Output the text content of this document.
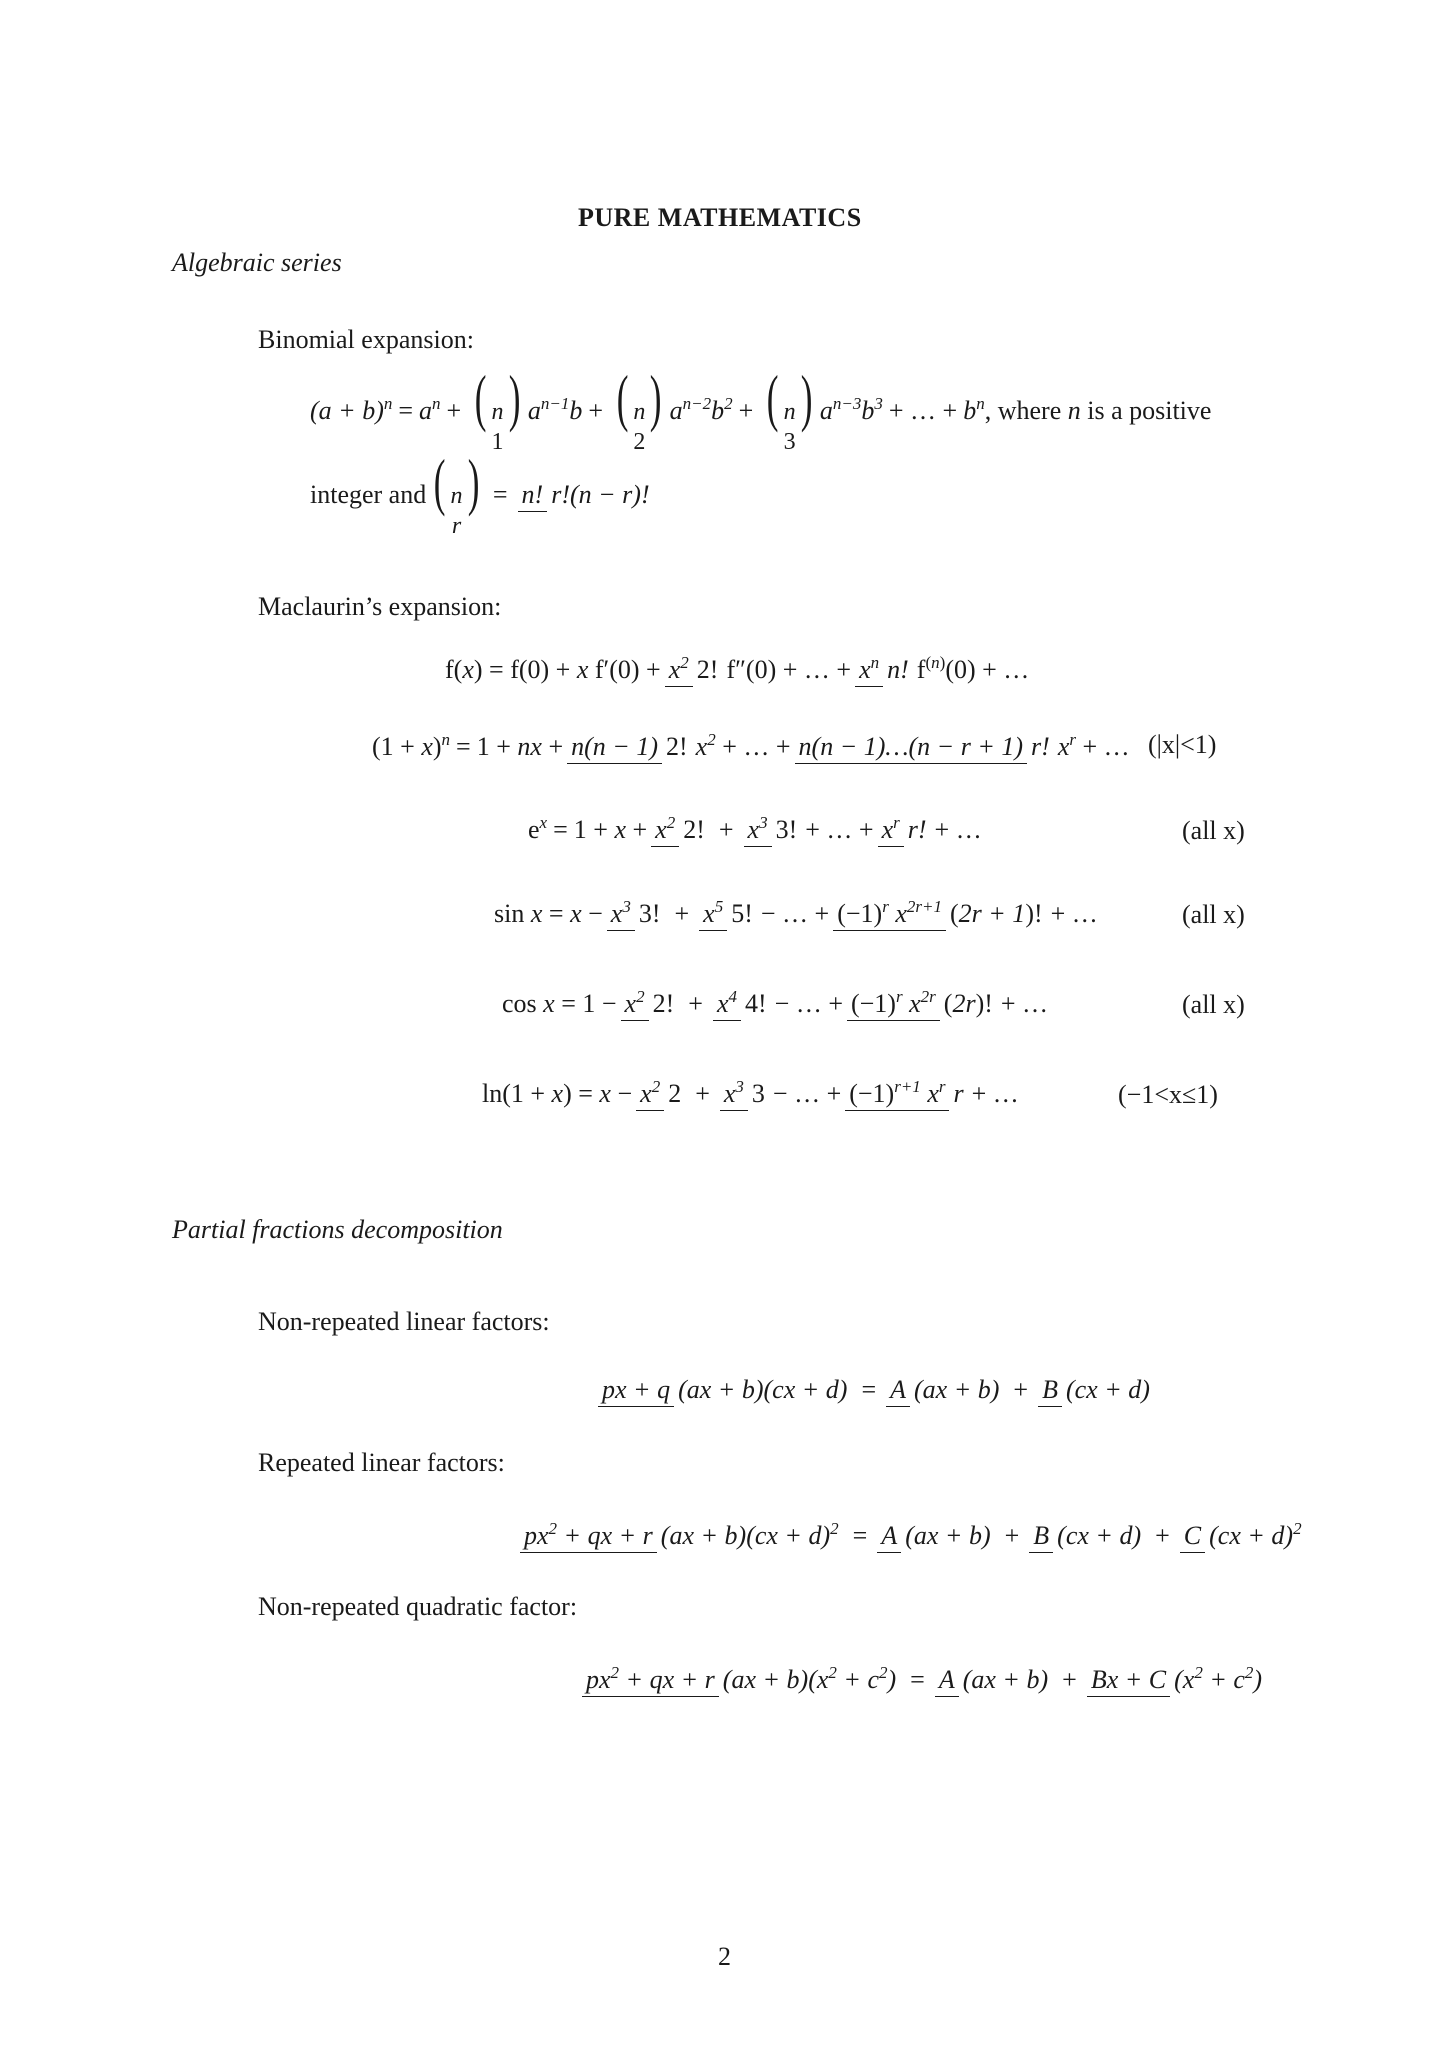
PURE MATHEMATICS
Algebraic series
Binomial expansion:
$(a + b)^n = a^n$ + ( n
1
) $a^{n-1}b$ + ( n
2
) $a^{n-2}b^2$ + ( n
3
) $a^{n-3}b^3$ + … + $b^n$ , where n is a positive
integer and ( n
r
) = n! r!(n − r)!
Maclaurin’s expansion:
f(x) = f(0) + x $f'(0) + x^2$ 2! f″(0) + … + $x^n$ n! $f^{(n)}(0)$ + …
$(1 + x)^n = 1$ + nx + n(n − 1) 2! $x^2$ + … + n(n − 1)…(n − r + 1) r! $x^r$ + … (|x|<1)
$e^x = 1 + x + x^2$ 2! + $x^3$ 3! + … + $x^r$ r! + …	(all x)
$\sin x = x - x^3$ 3! + $x^5$ 5! − … + $(-1)^r$ $x^{2r+1}$ (2r + 1)! + …	(all x)
$\cos x = 1 - x^2$ 2! + $x^4$ 4! − … + $(-1)^r$ $x^{2r}$ (2r)! + …	(all x)
$\ln(1 + x) = x - x^2$ $2 + x^3$ 3 − … + $(-1)^{r+1}$ $x^r$ r + …	(−1<x≤1)
Partial fractions decomposition
Non-repeated linear factors:
px + q (ax + b)(cx + d) = A (ax + b) + B (cx + d)
Repeated linear factors:
$px^2$ + qx + r (ax + b)(cx + d)$^2$ = A (ax + b) + B (cx + d) + C (cx + d)$^2$
Non-repeated quadratic factor:
$px^2$ + qx + r $(ax + b)(x^2 + c^2) = A$ (ax + b) + Bx + C $(x^2 + c^2)$
2
